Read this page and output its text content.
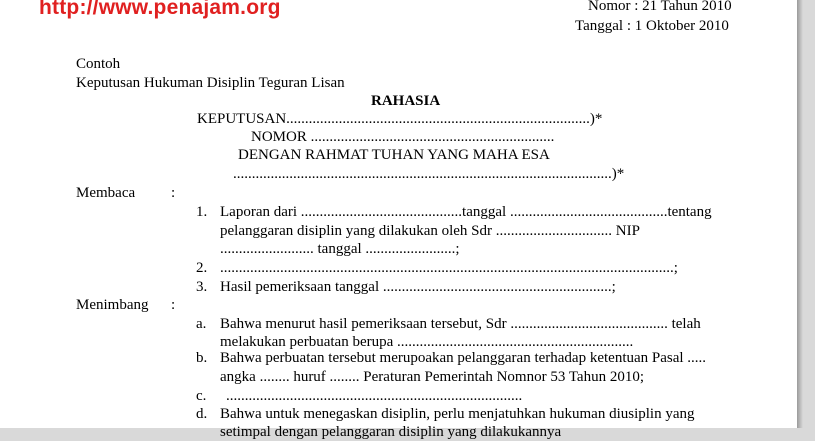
http://www.penajam.org	Nomor : 21 Tahun 2010
Tanggal : 1 Oktober 2010
Contoh
Keputusan Hukuman Disiplin Teguran Lisan
RAHASIA
KEPUTUSAN.................................................................................)*
NOMOR .................................................................
DENGAN RAHMAT TUHAN YANG MAHA ESA
.....................................................................................................)*
Membaca :
1. Laporan dari ...........................................tanggal ..........................................tentang
pelanggaran disiplin yang dilakukan oleh Sdr ............................... NIP
......................... tanggal ........................;
2. .........................................................................................................................;
3. Hasil pemeriksaan tanggal .............................................................;
Menimbang :
a. Bahwa menurut hasil pemeriksaan tersebut, Sdr .......................................... telah
melakukan perbuatan berupa ...............................................................
b. Bahwa perbuatan tersebut merupoakan pelanggaran terhadap ketentuan Pasal .....
angka ........ huruf ........ Peraturan Pemerintah Nomnor 53 Tahun 2010;
c. ...............................................................................
d. Bahwa untuk menegaskan disiplin, perlu menjatuhkan hukuman diusiplin yang
setimpal dengan pelanggaran disiplin yang dilakukannya
